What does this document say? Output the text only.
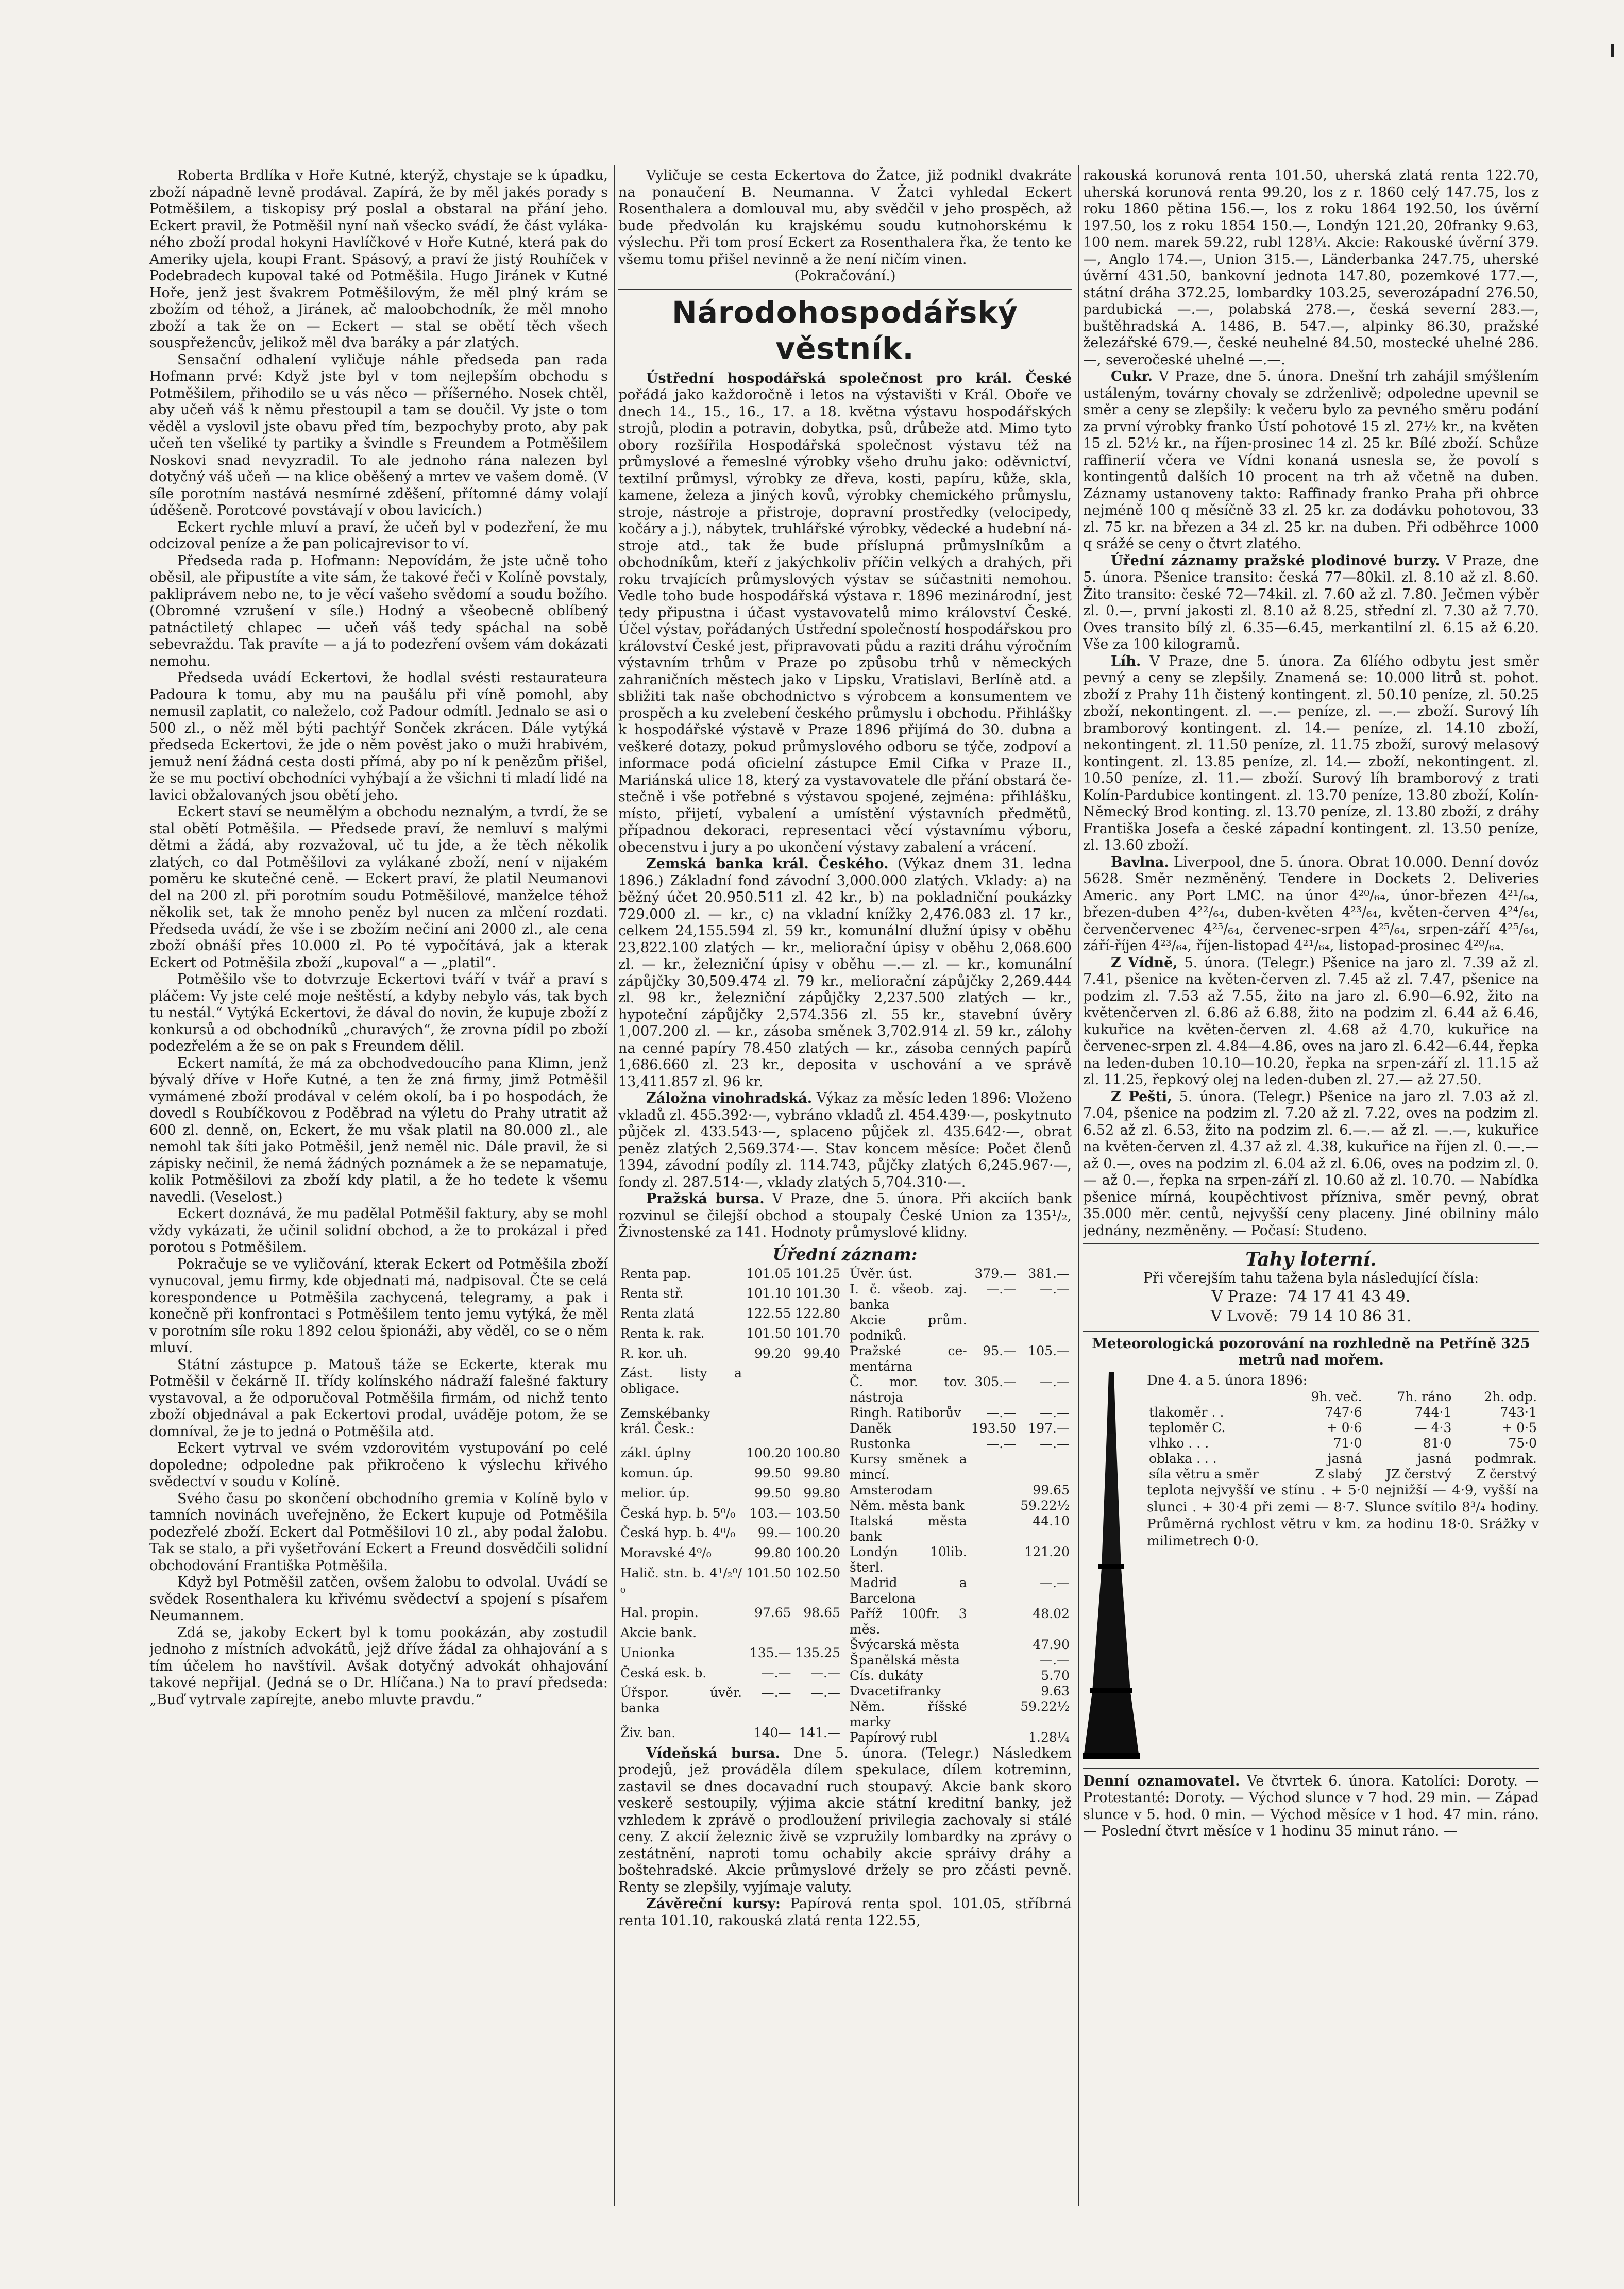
Roberta Brdlíka v Hoře Kutné, kterýž, chystaje se k úpadku, zboží nápadně levně prodával. Zapírá, že by měl jakés porady s Potměšilem, a tiskopisy prý poslal a obstaral na přání jeho. Eckert pravil, že Potměšil nyní naň všecko svádí, že část vylákaného zboží prodal hokyni Havlíčkové v Hoře Kutné, která pak do Ameriky ujela, koupi Frant. Spásový, a praví že jistý Rouhíček v Podebradech kupoval také od Potměšila. Hugo Jiránek v Kutné Hoře, jenž jest švakrem Potměšilovým, že měl plný krám se zbožím od téhož, a Jiránek, ač maloobchodník, že měl mnoho zboží a tak že on — Eckert — stal se obětí těch všech souspřežencův, jelikož měl dva baráky a pár zlatých.

Sensační odhalení vyličuje náhle předseda pan rada Hofmann prvé: Když jste byl v tom nejlepším obchodu s Potměšilem, přihodilo se u vás něco — příšerného. Nosek chtěl, aby učeň váš k němu přestoupil a tam se doučil. Vy jste o tom věděl a vyslovil jste obavu před tím, bezpochyby proto, aby pak učeň ten všeliké ty partiky a švindle s Freundem a Potměšilem Noskovi snad nevyzradil. To ale jednoho rána nalezen byl dotyčný váš učeň — na klice oběšený a mrtev ve vašem domě. (V síle porotním nastává nesmírné zděšení, přítomné dámy volají úděšeně. Porotcové povstávají v obou lavicích.)

Eckert rychle mluví a praví, že učeň byl v podezření, že mu odcizoval peníze a že pan policajrevisor to ví.

Předseda rada p. Hofmann: Nepovídám, že jste učně toho oběsil, ale připustíte a vite sám, že takové řeči v Kolíně povstaly, pakliprávem nebo ne, to je věcí vašeho svědomí a soudu božího. (Obromné vzrušení v síle.) Hodný a všeobecně oblíbený patnáctiletý chlapec — učeň váš tedy spáchal na sobě sebevraždu. Tak pravíte — a já to podezření ovšem vám dokázati nemohu.

Předseda uvádí Eckertovi, že hodlal svésti restaurateura Padoura k tomu, aby mu na paušálu při víně pomohl, aby nemusil zaplatit, co naleželo, což Padour odmítl. Jednalo se asi o 500 zl., o něž měl býti pachtýř Sonček zkrácen. Dále vytýká předseda Eckertovi, že jde o něm pověst jako o muži hrabivém, jemuž není žádná cesta dosti přímá, aby po ní k penězům přišel, že se mu poctiví obchodníci vyhýbají a že všichni ti mladí lidé na lavici obžalovaných jsou obětí jeho.

Eckert staví se neumělým a obchodu neznalým, a tvrdí, že se stal obětí Potměšila. — Předsede praví, že nemluví s malými dětmi a žádá, aby rozvažoval, uč tu jde, a že těch několik zlatých, co dal Potměšilovi za vylákané zboží, není v nijakém poměru ke skutečné ceně. — Eckert praví, že platil Neumanovi del na 200 zl. při porotním soudu Potměšilové, manželce téhož několik set, tak že mnoho peněz byl nucen za mlčení rozdati. Předseda uvádí, že vše i se zbožím nečiní ani 2000 zl., ale cena zboží obnáší přes 10.000 zl. Po té vypočítává, jak a kterak Eckert od Potměšila zboží „kupoval“ a — „platil“.

Potměšilo vše to dotvrzuje Eckertovi tváří v tvář a praví s pláčem: Vy jste celé moje neštěstí, a kdyby nebylo vás, tak bych tu nestál.“ Vytýká Eckertovi, že dával do novin, že kupuje zboží z konkursů a od obchodníků „churavých“, že zrovna pídil po zboží podezřelém a že se on pak s Freundem dělil.

Eckert namítá, že má za obchodvedoucího pana Klimn, jenž bývalý dříve v Hoře Kutné, a ten že zná firmy, jimž Potměšil vymámené zboží prodával v celém okolí, ba i po hospodách, že dovedl s Roubíčkovou z Poděbrad na výletu do Prahy utratit až 600 zl. denně, on, Eckert, že mu však platil na 80.000 zl., ale nemohl tak šíti jako Potměšil, jenž neměl nic. Dále pravil, že si zápisky nečinil, že nemá žádných poznámek a že se nepamatuje, kolik Potměšilovi za zboží kdy platil, a že ho tedete k všemu navedli. (Veselost.)

Eckert doznává, že mu padělal Potměšil faktury, aby se mohl vždy vykázati, že učinil solidní obchod, a že to prokázal i před porotou s Potměšilem.

Pokračuje se ve vyličování, kterak Eckert od Potměšila zboží vynucoval, jemu firmy, kde objednati má, nadpisoval. Čte se celá korespondence u Potměšila zachycená, telegramy, a pak i konečně při konfrontaci s Potměšilem tento jemu vytýká, že měl v porotním síle roku 1892 celou špionáži, aby věděl, co se o něm mluví.

Státní zástupce p. Matouš táže se Eckerte, kterak mu Potměšil v čekárně II. třídy kolínského nádraží falešné faktury vystavoval, a že odporučoval Potměšila firmám, od nichž tento zboží objednával a pak Eckertovi prodal, uváděje potom, že se domníval, že je to jedná o Potměšila atd.

Eckert vytrval ve svém vzdorovitém vystupování po celé dopoledne; odpoledne pak přikročeno k výslechu křivého svědectví v soudu v Kolíně.

Svého času po skončení obchodního gremia v Kolíně bylo v tamních novinách uveřejněno, že Eckert kupuje od Potměšila podezřelé zboží. Eckert dal Potměšilovi 10 zl., aby podal žalobu. Tak se stalo, a při vyšetřování Eckert a Freund dosvědčili solidní obchodování Františka Potměšila.

Když byl Potměšil zatčen, ovšem žalobu to odvolal. Uvádí se svědek Rosenthalera ku křivému svědectví a spojení s písařem Neumannem.

Zdá se, jakoby Eckert byl k tomu pookázán, aby zostudil jednoho z místních advokátů, jejž dříve žádal za ohhajování a s tím účelem ho navštívil. Avšak dotyčný advokát ohhajování takové nepřijal. (Jedná se o Dr. Hlíčana.) Na to praví předseda: „Buď vytrvale zapírejte, anebo mluvte pravdu.“

Vyličuje se cesta Eckertova do Žatce, již podnikl dvakráte na ponaučení B. Neumanna. V Žatci vyhledal Eckert Rosenthalera a domlouval mu, aby svědčil v jeho prospěch, až bude předvolán ku krajskému soudu kutnohorskému k výslechu. Při tom prosí Eckert za Rosenthalera řka, že tento ke všemu tomu přišel nevinně a že není ničím vinen.

(Pokračování.)

Národohospodářský věstník.

Ústřední hospodářská společnost pro král. České pořádá jako každoročně i letos na výstavišti v Král. Oboře ve dnech 14., 15., 16., 17. a 18. května výstavu hospodářských strojů, plodin a potravin, dobytka, psů, drůbeže atd. Mimo tyto obory rozšířila Hospodářská společnost výstavu též na průmyslové a řemeslné výrobky všeho druhu jako: oděvnictví, textilní průmysl, výrobky ze dřeva, kosti, papíru, kůže, skla, kamene, železa a jiných kovů, výrobky chemického průmyslu, stroje, nástroje a přistroje, dopravní prostředky (velocipedy, kočáry a j.), nábytek, truhlářské výrobky, vědecké a hudební nástroje atd., tak že bude příslupná průmyslníkům a obchodníkům, kteří z jakýchkoliv příčin velkých a drahých, při roku trvajících průmyslových výstav se súčastniti nemohou. Vedle toho bude hospodářská výstava r. 1896 mezinárodní, jest tedy připustna i účast vystavovatelů mimo království České. Účel výstav, pořádaných Ústřední společností hospodářskou pro království České jest, připravovati půdu a raziti dráhu výročním výstavním trhům v Praze po způsobu trhů v německých zahraničních městech jako v Lipsku, Vratislavi, Berlíně atd. a sbližiti tak naše obchodnictvo s výrobcem a konsumentem ve prospěch a ku zvelebení českého průmyslu i obchodu. Přihlášky k hospodářské výstavě v Praze 1896 přijímá do 30. dubna a veškeré dotazy, pokud průmyslového odboru se týče, zodpoví a informace podá oficielní zástupce Emil Cifka v Praze II., Mariánská ulice 18, který za vystavovatele dle přání obstará čestečně i vše potřebné s výstavou spojené, zejména: přihlášku, místo, přijetí, vybalení a umístění výstavních předmětů, případnou dekoraci, representaci věcí výstavnímu výboru, obecenstvu i jury a po ukončení výstavy zabalení a vrácení.

Zemská banka král. Českého. (Výkaz dnem 31. ledna 1896.) Základní fond závodní 3,000.000 zlatých. Vklady: a) na běžný účet 20.950.511 zl. 42 kr., b) na pokladniční poukázky 729.000 zl. — kr., c) na vkladní knížky 2,476.083 zl. 17 kr., celkem 24,155.594 zl. 59 kr., komunální dlužní úpisy v oběhu 23,822.100 zlatých — kr., meliorační úpisy v oběhu 2,068.600 zl. — kr., železniční úpisy v oběhu —.— zl. — kr., komunální zápůjčky 30,509.474 zl. 79 kr., meliorační zápůjčky 2,269.444 zl. 98 kr., železniční zápůjčky 2,237.500 zlatých — kr., hypoteční zápůjčky 2,574.356 zl. 55 kr., stavební úvěry 1,007.200 zl. — kr., zásoba směnek 3,702.914 zl. 59 kr., zálohy na cenné papíry 78.450 zlatých — kr., zásoba cenných papírů 1,686.660 zl. 23 kr., deposita v uschování a ve správě 13,411.857 zl. 96 kr.

Záložna vinohradská. Výkaz za měsíc leden 1896: Vloženo vkladů zl. 455.392·—, vybráno vkladů zl. 454.439·—, poskytnuto půjček zl. 433.543·—, splaceno půjček zl. 435.642·—, obrat peněz zlatých 2,569.374·—. Stav koncem měsíce: Počet členů 1394, závodní podíly zl. 114.743, půjčky zlatých 6,245.967·—, fondy zl. 287.514·—, vklady zlatých 5,704.310·—.

Pražská bursa. V Praze, dne 5. února. Při akciích bank rozvinul se čilejší obchod a stoupaly České Union za 135¹/₂, Živnostenské za 141. Hodnoty průmyslové klidny.

Úřední záznam:
Renta pap.	101.05	101.25
Renta stř.	101.10	101.30
Renta zlatá	122.55	122.80
Renta k. rak.	101.50	101.70
R. kor. uh.	99.20	99.40
Zást. listy a obligace.		
Zemskébanky král. Česk.:		
zákl. úplny	100.20	100.80
komun. úp.	99.50	99.80
melior. úp.	99.50	99.80
Česká hyp. b. 5⁰/₀	103.—	103.50
Česká hyp. b. 4⁰/₀	99.—	100.20
Moravské 4⁰/₀	99.80	100.20
Halič. stn. b. 4¹/₂⁰/₀	101.50	102.50
Hal. propin.	97.65	98.65
Akcie bank.		
Unionka	135.—	135.25
Česká esk. b.	—.—	—.—
Úřspor. úvěr. banka	—.—	—.—
Živ. ban.	140—	141.—
Úvěr. úst.	379.—	381.—
I. č. všeob. zaj. banka	—.—	—.—
Akcie prům. podniků.		
Pražské cementárna	95.—	105.—
Č. mor. tov. nástroja	305.—	—.—
Ringh. Ratiborův	—.—	—.—
Daněk	193.50	197.—
Rustonka	—.—	—.—
Kursy směnek a mincí.		
Amsterodam		99.65
Něm. města bank		59.22½
Italská města bank		44.10
Londýn 10lib. šterl.		121.20
Madrid a Barcelona		—.—
Paříž 100fr. 3 měs.		48.02
Švýcarská města		47.90
Španělská města		—.—
Cís. dukáty		5.70
Dvacetifranky		9.63
Něm. říšské marky		59.22½
Papírový rubl		1.28¼

Vídeňská bursa. Dne 5. února. (Telegr.) Následkem prodejů, jež prováděla dílem spekulace, dílem kotreminn, zastavil se dnes docavadní ruch stoupavý. Akcie bank skoro veskerě sestoupily, výjima akcie státní kreditní banky, jež vzhledem k zprávě o prodloužení privilegia zachovaly si stálé ceny. Z akcií železnic živě se vzpružily lombardky na zprávy o zestátnění, naproti tomu ochabily akcie spráivy dráhy a boštehradské. Akcie průmyslové držely se pro zčásti pevně. Renty se zlepšily, vyjímaje valuty.

Závěreční kursy: Papírová renta spol. 101.05, stříbrná renta 101.10, rakouská zlatá renta 122.55,

rakouská korunová renta 101.50, uherská zlatá renta 122.70, uherská korunová renta 99.20, los z r. 1860 celý 147.75, los z roku 1860 pětina 156.—, los z roku 1864 192.50, los úvěrní 197.50, los z roku 1854 150.—, Londýn 121.20, 20franky 9.63, 100 nem. marek 59.22, rubl 128¼. Akcie: Rakouské úvěrní 379.—, Anglo 174.—, Union 315.—, Länderbanka 247.75, uherské úvěrní 431.50, bankovní jednota 147.80, pozemkové 177.—, státní dráha 372.25, lombardky 103.25, severozápadní 276.50, pardubická —.—, polabská 278.—, česká severní 283.—, buštěhradská A. 1486, B. 547.—, alpinky 86.30, pražské železářské 679.—, české neuhelné 84.50, mostecké uhelné 286.—, severočeské uhelné —.—.

Cukr. V Praze, dne 5. února. Dnešní trh zahájil smýšlením ustáleným, továrny chovaly se zdrženlivě; odpoledne upevnil se směr a ceny se zlepšily: k večeru bylo za pevného směru podání za první výrobky franko Ústí pohotové 15 zl. 27½ kr., na květen 15 zl. 52½ kr., na říjen-prosinec 14 zl. 25 kr. Bílé zboží. Schůze raffinerií včera ve Vídni konaná usnesla se, že povolí s kontingentů dalších 10 procent na trh až včetně na duben. Záznamy ustanoveny takto: Raffinady franko Praha při ohbrce nejméně 100 q měsíčně 33 zl. 25 kr. za dodávku pohotovou, 33 zl. 75 kr. na březen a 34 zl. 25 kr. na duben. Při odběhrce 1000 q srážé se ceny o čtvrt zlatého.

Úřední záznamy pražské plodinové burzy. V Praze, dne 5. února. Pšenice transito: česká 77—80kil. zl. 8.10 až zl. 8.60. Žito transito: české 72—74kil. zl. 7.60 až zl. 7.80. Ječmen výběr zl. 0.—, první jakosti zl. 8.10 až 8.25, střední zl. 7.30 až 7.70. Oves transito bílý zl. 6.35—6.45, merkantilní zl. 6.15 až 6.20. Vše za 100 kilogramů.

Líh. V Praze, dne 5. února. Za 6líého odbytu jest směr pevný a ceny se zlepšily. Znamená se: 10.000 litrů st. pohot. zboží z Prahy 11h čistený kontingent. zl. 50.10 peníze, zl. 50.25 zboží, nekontingent. zl. —.— peníze, zl. —.— zboží. Surový líh bramborový kontingent. zl. 14.— peníze, zl. 14.10 zboží, nekontingent. zl. 11.50 peníze, zl. 11.75 zboží, surový melasový kontingent. zl. 13.85 peníze, zl. 14.— zboží, nekontingent. zl. 10.50 peníze, zl. 11.— zboží. Surový líh bramborový z trati Kolín-Pardubice kontingent. zl. 13.70 peníze, 13.80 zboží, Kolín-Německý Brod konting. zl. 13.70 peníze, zl. 13.80 zboží, z dráhy Františka Josefa a české západní kontingent. zl. 13.50 peníze, zl. 13.60 zboží.

Bavlna. Liverpool, dne 5. února. Obrat 10.000. Denní dovóz 5628. Směr nezměněný. Tendere in Dockets 2. Deliveries Americ. any Port LMC. na únor 4²⁰/₆₄, únor-březen 4²¹/₆₄, březen-duben 4²²/₆₄, duben-květen 4²³/₆₄, květen-červen 4²⁴/₆₄, červenčervenec 4²⁵/₆₄, červenec-srpen 4²⁵/₆₄, srpen-září 4²⁵/₆₄, září-říjen 4²³/₆₄, říjen-listopad 4²¹/₆₄, listopad-prosinec 4²⁰/₆₄.

Z Vídně, 5. února. (Telegr.) Pšenice na jaro zl. 7.39 až zl. 7.41, pšenice na květen-červen zl. 7.45 až zl. 7.47, pšenice na podzim zl. 7.53 až 7.55, žito na jaro zl. 6.90—6.92, žito na květenčerven zl. 6.86 až 6.88, žito na podzim zl. 6.44 až 6.46, kukuřice na květen-červen zl. 4.68 až 4.70, kukuřice na červenec-srpen zl. 4.84—4.86, oves na jaro zl. 6.42—6.44, řepka na leden-duben 10.10—10.20, řepka na srpen-září zl. 11.15 až zl. 11.25, řepkový olej na leden-duben zl. 27.— až 27.50.

Z Pešti, 5. února. (Telegr.) Pšenice na jaro zl. 7.03 až zl. 7.04, pšenice na podzim zl. 7.20 až zl. 7.22, oves na podzim zl. 6.52 až zl. 6.53, žito na podzim zl. 6.—.— až zl. —.—, kukuřice na květen-červen zl. 4.37 až zl. 4.38, kukuřice na říjen zl. 0.—.— až 0.—, oves na podzim zl. 6.04 až zl. 6.06, oves na podzim zl. 0.— až 0.—, řepka na srpen-září zl. 10.60 až zl. 10.70. — Nabídka pšenice mírná, koupěchtivost přízniva, směr pevný, obrat 35.000 měr. centů, nejvyšší ceny placeny. Jiné obilniny málo jednány, nezměněny. — Počasí: Studeno.

Tahy loterní.
Při včerejším tahu tažena byla následující čísla:
V Praze: 74 17 41 43 49.
V Lvově: 79 14 10 86 31.
Meteorologická pozorování na rozhledně na Petříně 325 metrů nad mořem.
Dne 4. a 5. února 1896:
	9h. več.	7h. ráno	2h. odp.
tlakoměr . .	747·6	744·1	743·1
teploměr C.	+ 0·6	— 4·3	+ 0·5
vlhko . . .	71·0	81·0	75·0
oblaka . . .	jasná	jasná	podmrak.
síla větru a směr	Z slabý	JZ čerstvý	Z čerstvý
teplota nejvyšší ve stínu . + 5·0 nejnižší — 4·9, vyšší na slunci . + 30·4 při zemi — 8·7. Slunce svítilo 8³/₄ hodiny. Průměrná rychlost větru v km. za hodinu 18·0. Srážky v milimetrech 0·0.

Denní oznamovatel. Ve čtvrtek 6. února. Katolíci: Doroty. — Protestanté: Doroty. — Východ slunce v 7 hod. 29 min. — Západ slunce v 5. hod. 0 min. — Východ měsíce v 1 hod. 47 min. ráno. — Poslední čtvrt měsíce v 1 hodinu 35 minut ráno. —
